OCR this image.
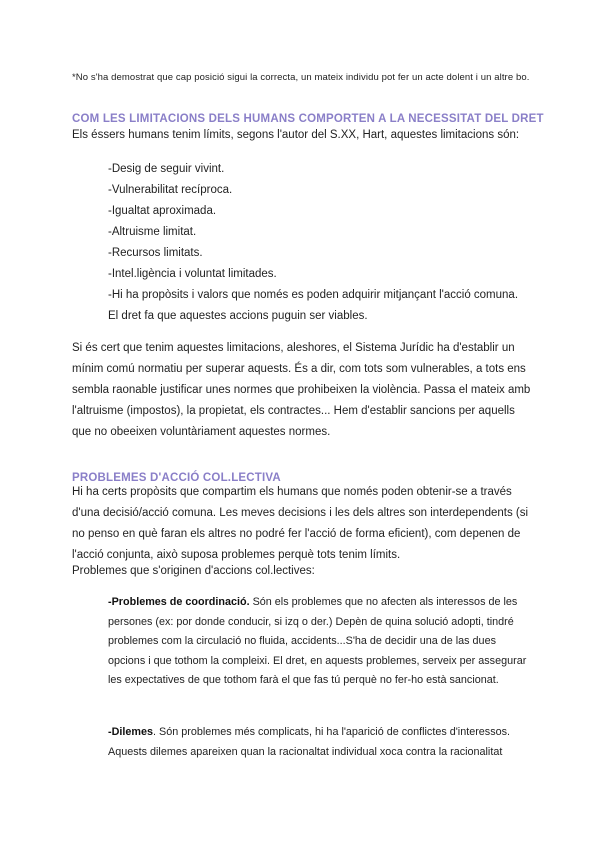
*No s'ha demostrat que cap posició sigui la correcta, un mateix individu pot fer un acte dolent i un altre bo.
COM LES LIMITACIONS DELS HUMANS COMPORTEN A LA NECESSITAT DEL DRET
Els éssers humans tenim límits, segons l'autor del S.XX, Hart, aquestes limitacions són:
-Desig de seguir vivint.
-Vulnerabilitat recíproca.
-Igualtat aproximada.
-Altruisme limitat.
-Recursos limitats.
-Intel.ligència i voluntat limitades.
-Hi ha propòsits i valors que només es poden adquirir mitjançant l'acció comuna. El dret fa que aquestes accions puguin ser viables.
Si és cert que tenim aquestes limitacions, aleshores, el Sistema Jurídic ha d'establir un mínim comú normatiu per superar aquests. És a dir, com tots som vulnerables, a tots ens sembla raonable justificar unes normes que prohibeixen la violència. Passa el mateix amb l'altruisme (impostos), la propietat, els contractes... Hem d'establir sancions per aquells que no obeeixen voluntàriament aquestes normes.
PROBLEMES D'ACCIÓ COL.LECTIVA
Hi ha certs propòsits que compartim els humans que només poden obtenir-se a través d'una decisió/acció comuna. Les meves decisions i les dels altres son interdependents (si no penso en què faran els altres no podré fer l'acció de forma eficient), com depenen de l'acció conjunta, això suposa problemes perquè tots tenim límits.
Problemes que s'originen d'accions col.lectives:
-Problemes de coordinació. Són els problemes que no afecten als interessos de les persones (ex: por donde conducir, si izq o der.) Depèn de quina solució adopti, tindré problemes com la circulació no fluida, accidents...S'ha de decidir una de las dues opcions i que tothom la compleixi. El dret, en aquests problemes, serveix per assegurar les expectatives de que tothom farà el que fas tú perquè no fer-ho està sancionat.
-Dilemes. Són problemes més complicats, hi ha l'aparició de conflictes d'interessos. Aquests dilemes apareixen quan la racionaltat individual xoca contra la racionalitat
